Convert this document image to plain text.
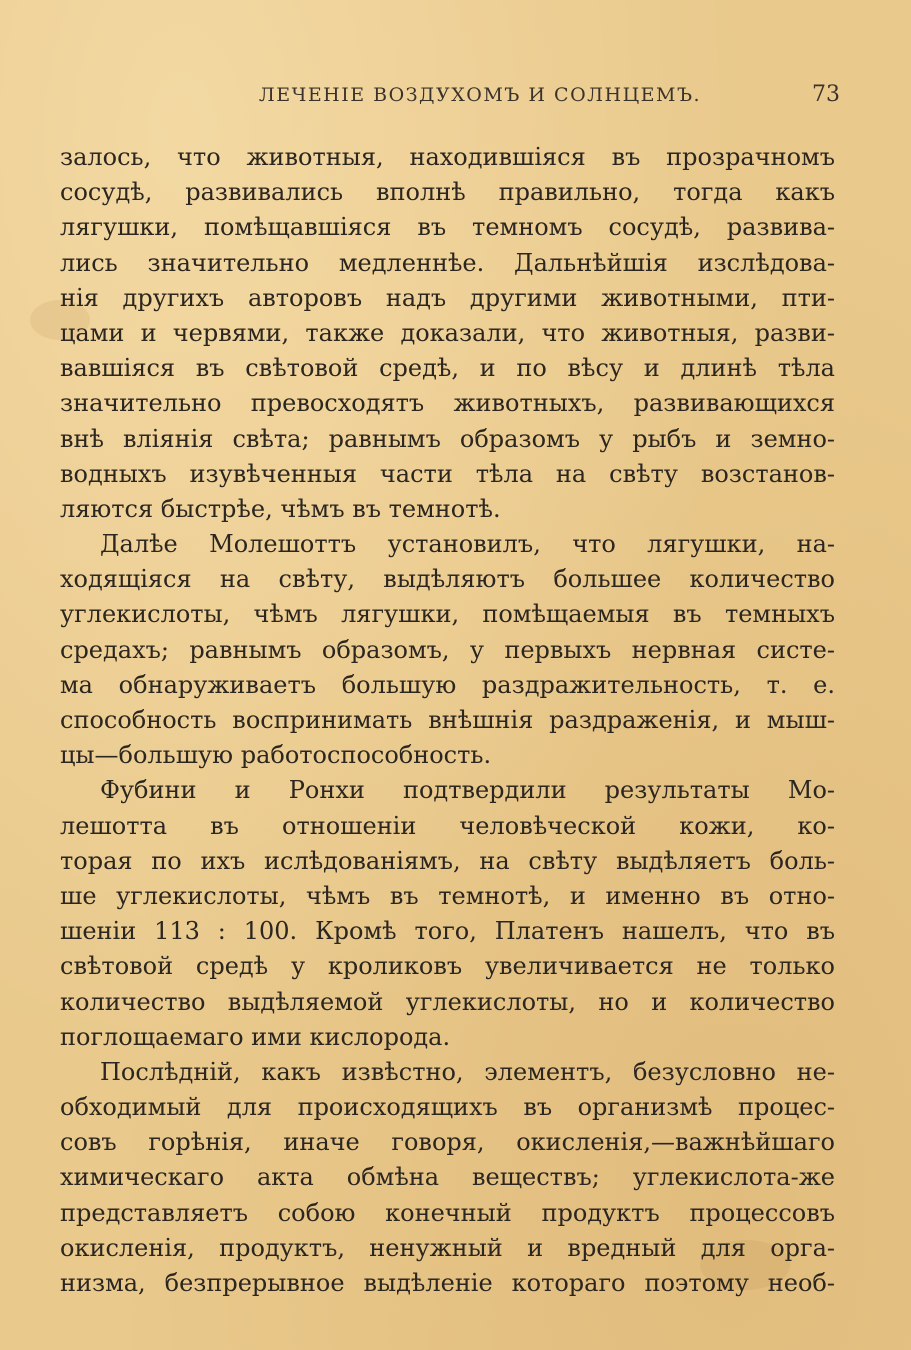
ЛЕЧЕНІЕ ВОЗДУХОМЪ И СОЛНЦЕМЪ.	73
залось, что животныя, находившіяся въ прозрачномъ
сосудѣ, развивались вполнѣ правильно, тогда какъ
лягушки, помѣщавшіяся въ темномъ сосудѣ, развива-
лись значительно медленнѣе. Дальнѣйшія изслѣдова-
нія другихъ авторовъ надъ другими животными, пти-
цами и червями, также доказали, что животныя, разви-
вавшіяся въ свѣтовой средѣ, и по вѣсу и длинѣ тѣла
значительно превосходятъ животныхъ, развивающихся
внѣ вліянія свѣта; равнымъ образомъ у рыбъ и земно-
водныхъ изувѣченныя части тѣла на свѣту возстанов-
ляются быстрѣе, чѣмъ въ темнотѣ.
Далѣе Молешоттъ установилъ, что лягушки, на-
ходящіяся на свѣту, выдѣляютъ большее количество
углекислоты, чѣмъ лягушки, помѣщаемыя въ темныхъ
средахъ; равнымъ образомъ, у первыхъ нервная систе-
ма обнаруживаетъ большую раздражительность, т. е.
способность воспринимать внѣшнія раздраженія, и мыш-
цы—большую работоспособность.
Фубини и Ронхи подтвердили результаты Мо-
лешотта въ отношеніи человѣческой кожи, ко-
торая по ихъ иcлѣдованіямъ, на свѣту выдѣляетъ боль-
ше углекислоты, чѣмъ въ темнотѣ, и именно въ отно-
шеніи 113 : 100. Кромѣ того, Платенъ нашелъ, что въ
свѣтовой средѣ у кроликовъ увеличивается не только
количество выдѣляемой углекислоты, но и количество
поглощаемаго ими кислорода.
Послѣдній, какъ извѣстно, элементъ, безусловно не-
обходимый для происходящихъ въ организмѣ процес-
совъ горѣнія, иначе говоря, окисленія,—важнѣйшаго
химическаго акта обмѣна веществъ; углекислота-же
представляетъ собою конечный продуктъ процессовъ
окисленія, продуктъ, ненужный и вредный для орга-
низма, безпрерывное выдѣленіе котораго поэтому необ-
